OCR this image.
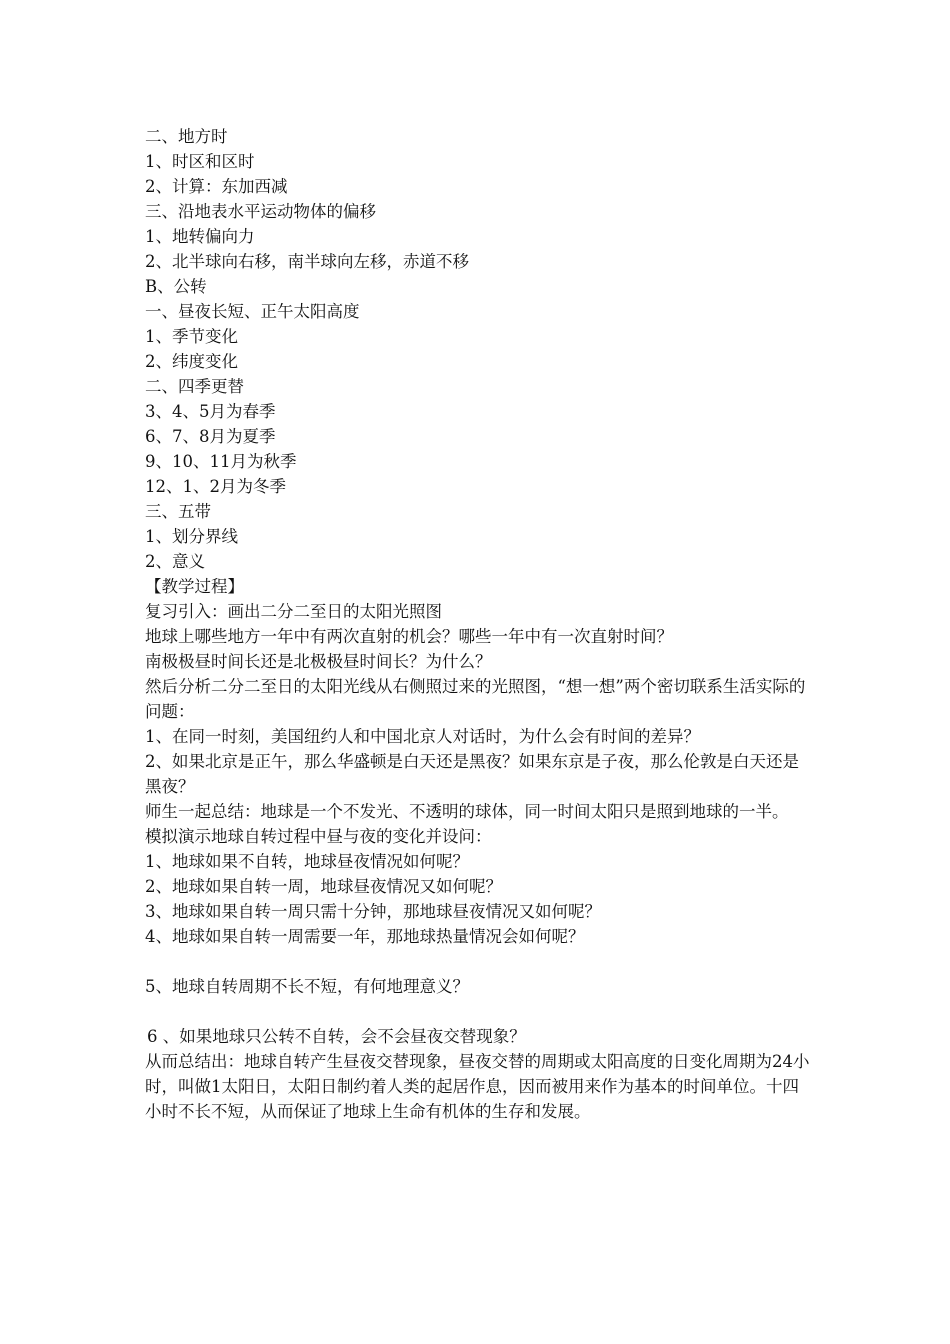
二、地方时
1、时区和区时
2、计算：东加西减
三、沿地表水平运动物体的偏移
1、地转偏向力
2、北半球向右移，南半球向左移，赤道不移
B、公转
一、昼夜长短、正午太阳高度
1、季节变化
2、纬度变化
二、四季更替
3、4、5月为春季
6、7、8月为夏季
9、10、11月为秋季
12、1、2月为冬季
三、五带
1、划分界线
2、意义
【教学过程】
复习引入：画出二分二至日的太阳光照图
地球上哪些地方一年中有两次直射的机会？哪些一年中有一次直射时间？
南极极昼时间长还是北极极昼时间长？为什么？
然后分析二分二至日的太阳光线从右侧照过来的光照图，“想一想”两个密切联系生活实际的问题：
1、在同一时刻，美国纽约人和中国北京人对话时，为什么会有时间的差异？
2、如果北京是正午，那么华盛顿是白天还是黑夜？如果东京是子夜，那么伦敦是白天还是黑夜？
师生一起总结：地球是一个不发光、不透明的球体，同一时间太阳只是照到地球的一半。
模拟演示地球自转过程中昼与夜的变化并设问：
1、地球如果不自转，地球昼夜情况如何呢？
2、地球如果自转一周，地球昼夜情况又如何呢？
3、地球如果自转一周只需十分钟，那地球昼夜情况又如何呢？
4、地球如果自转一周需要一年，那地球热量情况会如何呢？
5、地球自转周期不长不短，有何地理意义？
6 、如果地球只公转不自转，会不会昼夜交替现象？
从而总结出：地球自转产生昼夜交替现象，昼夜交替的周期或太阳高度的日变化周期为24小时，叫做1太阳日，太阳日制约着人类的起居作息，因而被用来作为基本的时间单位。十四小时不长不短，从而保证了地球上生命有机体的生存和发展。
